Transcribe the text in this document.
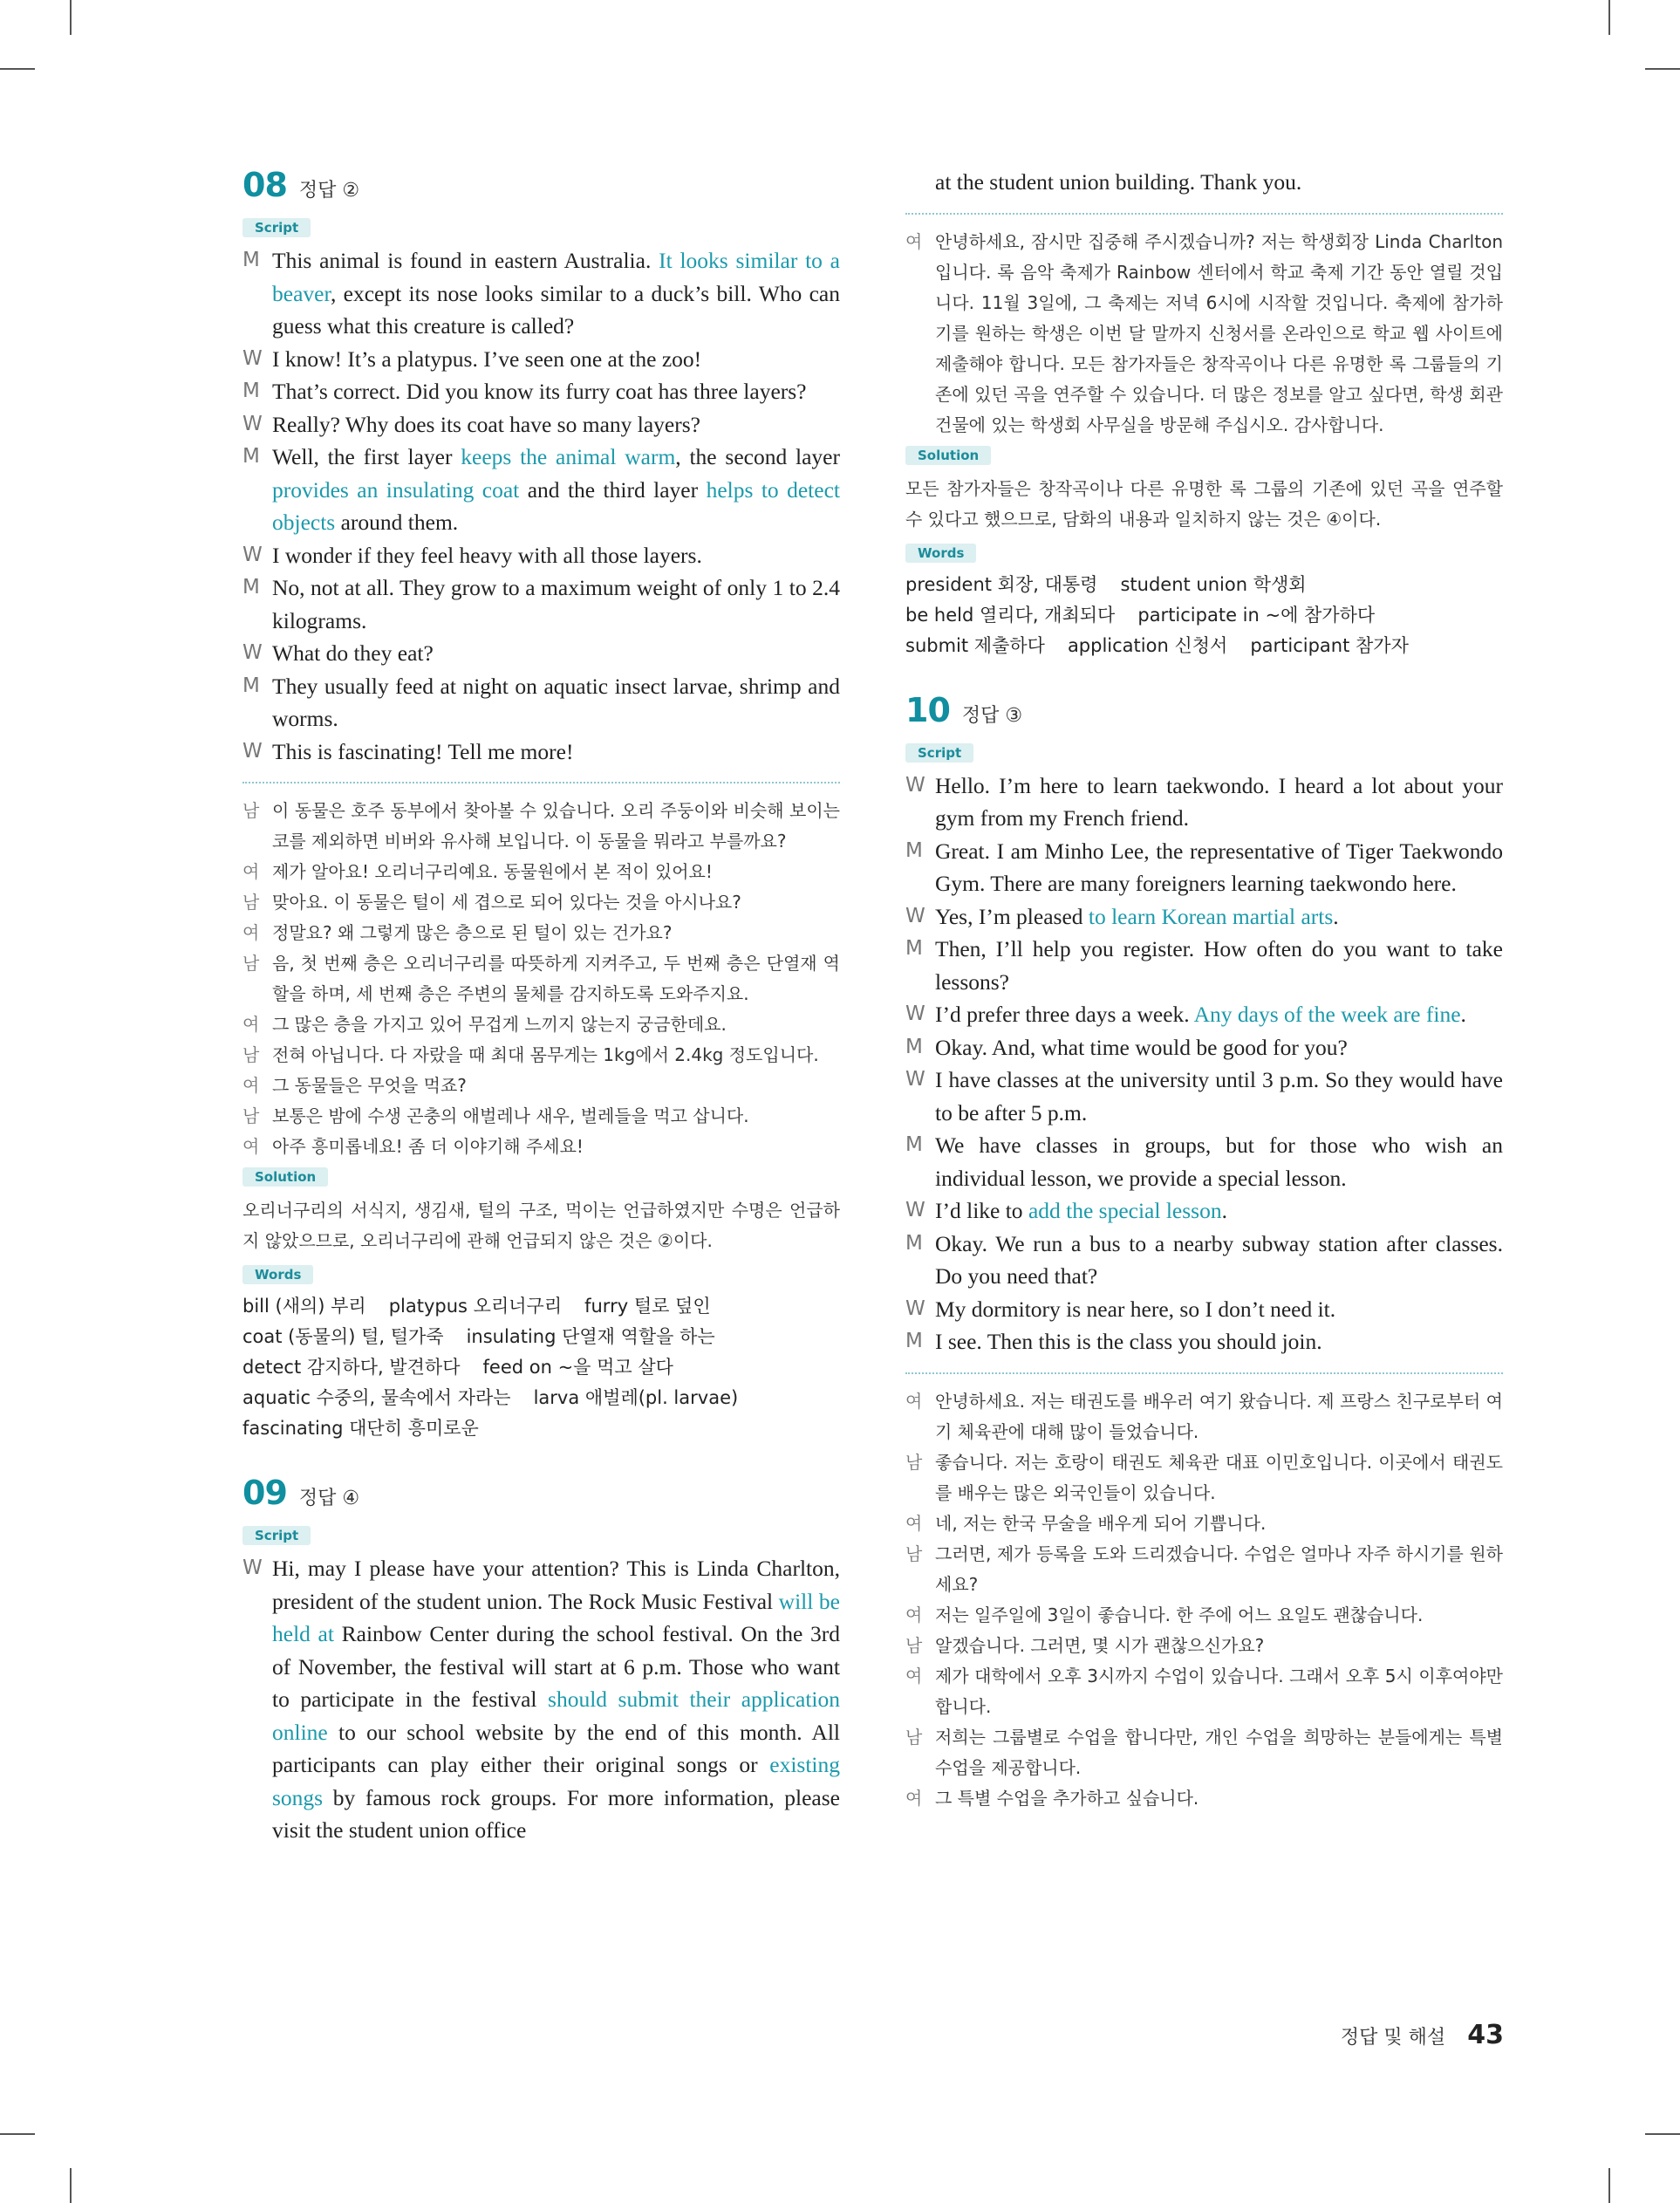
08 정답 ②
Script
M This animal is found in eastern Australia. It looks similar to a beaver, except its nose looks similar to a duck’s bill. Who can guess what this creature is called?
W I know! It’s a platypus. I’ve seen one at the zoo!
M That’s correct. Did you know its furry coat has three layers?
W Really? Why does its coat have so many layers?
M Well, the first layer keeps the animal warm, the second layer provides an insulating coat and the third layer helps to detect objects around them.
W I wonder if they feel heavy with all those layers.
M No, not at all. They grow to a maximum weight of only 1 to 2.4 kilograms.
W What do they eat?
M They usually feed at night on aquatic insect larvae, shrimp and worms.
W This is fascinating! Tell me more!
남 이 동물은 호주 동부에서 찾아볼 수 있습니다. 오리 주둥이와 비슷해 보이는 코를 제외하면 비버와 유사해 보입니다. 이 동물을 뭐라고 부를까요?
여 제가 알아요! 오리너구리예요. 동물원에서 본 적이 있어요!
남 맞아요. 이 동물은 털이 세 겹으로 되어 있다는 것을 아시나요?
여 정말요? 왜 그렇게 많은 층으로 된 털이 있는 건가요?
남 음, 첫 번째 층은 오리너구리를 따뜻하게 지켜주고, 두 번째 층은 단열재 역할을 하며, 세 번째 층은 주변의 물체를 감지하도록 도와주지요.
여 그 많은 층을 가지고 있어 무겁게 느끼지 않는지 궁금한데요.
남 전혀 아닙니다. 다 자랐을 때 최대 몸무게는 1kg에서 2.4kg 정도입니다.
여 그 동물들은 무엇을 먹죠?
남 보통은 밤에 수생 곤충의 애벌레나 새우, 벌레들을 먹고 삽니다.
여 아주 흥미롭네요! 좀 더 이야기해 주세요!
Solution
오리너구리의 서식지, 생김새, 털의 구조, 먹이는 언급하였지만 수명은 언급하지 않았으므로, 오리너구리에 관해 언급되지 않은 것은 ②이다.
Words
bill (새의) 부리 platypus 오리너구리 furry 털로 덮인
coat (동물의) 털, 털가죽 insulating 단열재 역할을 하는
detect 감지하다, 발견하다 feed on ~을 먹고 살다
aquatic 수중의, 물속에서 자라는 larva 애벌레(pl. larvae)
fascinating 대단히 흥미로운
09 정답 ④
Script
W Hi, may I please have your attention? This is Linda Charlton, president of the student union. The Rock Music Festival will be held at Rainbow Center during the school festival. On the 3rd of November, the festival will start at 6 p.m. Those who want to participate in the festival should submit their application online to our school website by the end of this month. All participants can play either their original songs or existing songs by famous rock groups. For more information, please visit the student union office
at the student union building. Thank you.
여 안녕하세요, 잠시만 집중해 주시겠습니까? 저는 학생회장 Linda Charlton입니다. 록 음악 축제가 Rainbow 센터에서 학교 축제 기간 동안 열릴 것입니다. 11월 3일에, 그 축제는 저녁 6시에 시작할 것입니다. 축제에 참가하기를 원하는 학생은 이번 달 말까지 신청서를 온라인으로 학교 웹 사이트에 제출해야 합니다. 모든 참가자들은 창작곡이나 다른 유명한 록 그룹들의 기존에 있던 곡을 연주할 수 있습니다. 더 많은 정보를 알고 싶다면, 학생 회관 건물에 있는 학생회 사무실을 방문해 주십시오. 감사합니다.
Solution
모든 참가자들은 창작곡이나 다른 유명한 록 그룹의 기존에 있던 곡을 연주할 수 있다고 했으므로, 담화의 내용과 일치하지 않는 것은 ④이다.
Words
president 회장, 대통령 student union 학생회
be held 열리다, 개최되다 participate in ~에 참가하다
submit 제출하다 application 신청서 participant 참가자
10 정답 ③
Script
W Hello. I’m here to learn taekwondo. I heard a lot about your gym from my French friend.
M Great. I am Minho Lee, the representative of Tiger Taekwondo Gym. There are many foreigners learning taekwondo here.
W Yes, I’m pleased to learn Korean martial arts.
M Then, I’ll help you register. How often do you want to take lessons?
W I’d prefer three days a week. Any days of the week are fine.
M Okay. And, what time would be good for you?
W I have classes at the university until 3 p.m. So they would have to be after 5 p.m.
M We have classes in groups, but for those who wish an individual lesson, we provide a special lesson.
W I’d like to add the special lesson.
M Okay. We run a bus to a nearby subway station after classes. Do you need that?
W My dormitory is near here, so I don’t need it.
M I see. Then this is the class you should join.
여 안녕하세요. 저는 태권도를 배우러 여기 왔습니다. 제 프랑스 친구로부터 여기 체육관에 대해 많이 들었습니다.
남 좋습니다. 저는 호랑이 태권도 체육관 대표 이민호입니다. 이곳에서 태권도를 배우는 많은 외국인들이 있습니다.
여 네, 저는 한국 무술을 배우게 되어 기쁩니다.
남 그러면, 제가 등록을 도와 드리겠습니다. 수업은 얼마나 자주 하시기를 원하세요?
여 저는 일주일에 3일이 좋습니다. 한 주에 어느 요일도 괜찮습니다.
남 알겠습니다. 그러면, 몇 시가 괜찮으신가요?
여 제가 대학에서 오후 3시까지 수업이 있습니다. 그래서 오후 5시 이후여야만 합니다.
남 저희는 그룹별로 수업을 합니다만, 개인 수업을 희망하는 분들에게는 특별 수업을 제공합니다.
여 그 특별 수업을 추가하고 싶습니다.
정답 및 해설 43
